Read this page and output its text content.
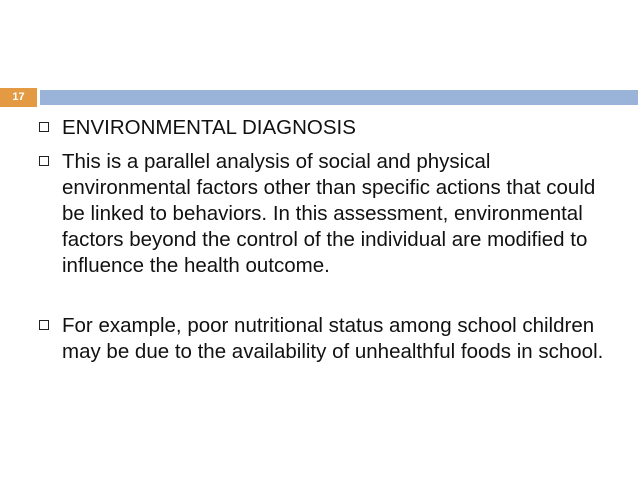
17
ENVIRONMENTAL DIAGNOSIS
This is a parallel analysis of social and physical environmental factors other than specific actions that could be linked to behaviors. In this assessment, environmental factors beyond the control of the individual are modified to influence the health outcome.
For example, poor nutritional status among school children may be due to the availability of unhealthful foods in school.
